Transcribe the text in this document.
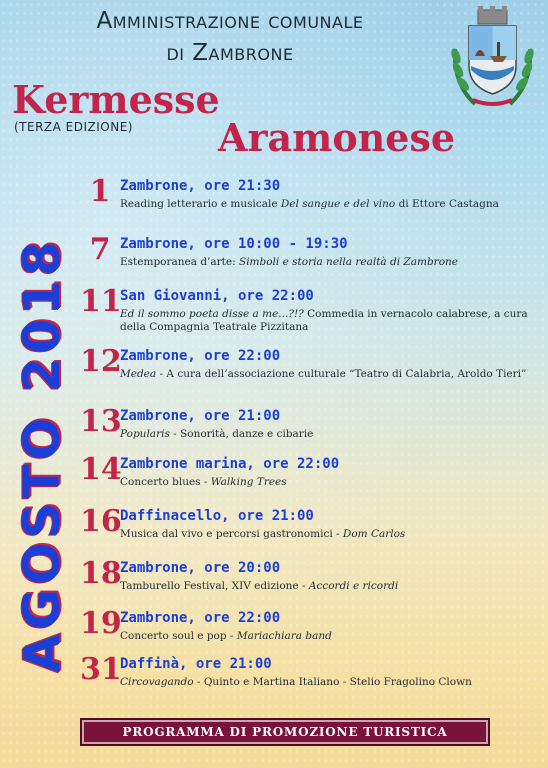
Amministrazione comunale
di Zambrone
Kermesse
(TERZA EDIZIONE) Aramonese
AGOSTO 2018
1 Zambrone, ore 21:30
Reading letterario e musicale Del sangue e del vino di Ettore Castagna
7 Zambrone, ore 10:00 - 19:30
Estemporanea d’arte: Simboli e storia nella realtà di Zambrone
11
San Giovanni, ore 22:00
Ed il sommo poeta disse a me...?!? Commedia in vernacolo calabrese, a cura della Compagnia Teatrale Pizzitana
12
Zambrone, ore 22:00
Medea - A cura dell’associazione culturale “Teatro di Calabria, Aroldo Tieri”
13
Zambrone, ore 21:00
Popularis - Sonorità, danze e cibarie
14
Zambrone marina, ore 22:00
Concerto blues - Walking Trees
16
Daffinacello, ore 21:00
Musica dal vivo e percorsi gastronomici - Dom Carlos
18
Zambrone, ore 20:00
Tamburello Festival, XIV edizione - Accordi e ricordi
19
Zambrone, ore 22:00
Concerto soul e pop - Mariachiara band
31
Daffinà, ore 21:00
Circovagando - Quinto e Martina Italiano - Stelio Fragolino Clown
PROGRAMMA DI PROMOZIONE TURISTICA
